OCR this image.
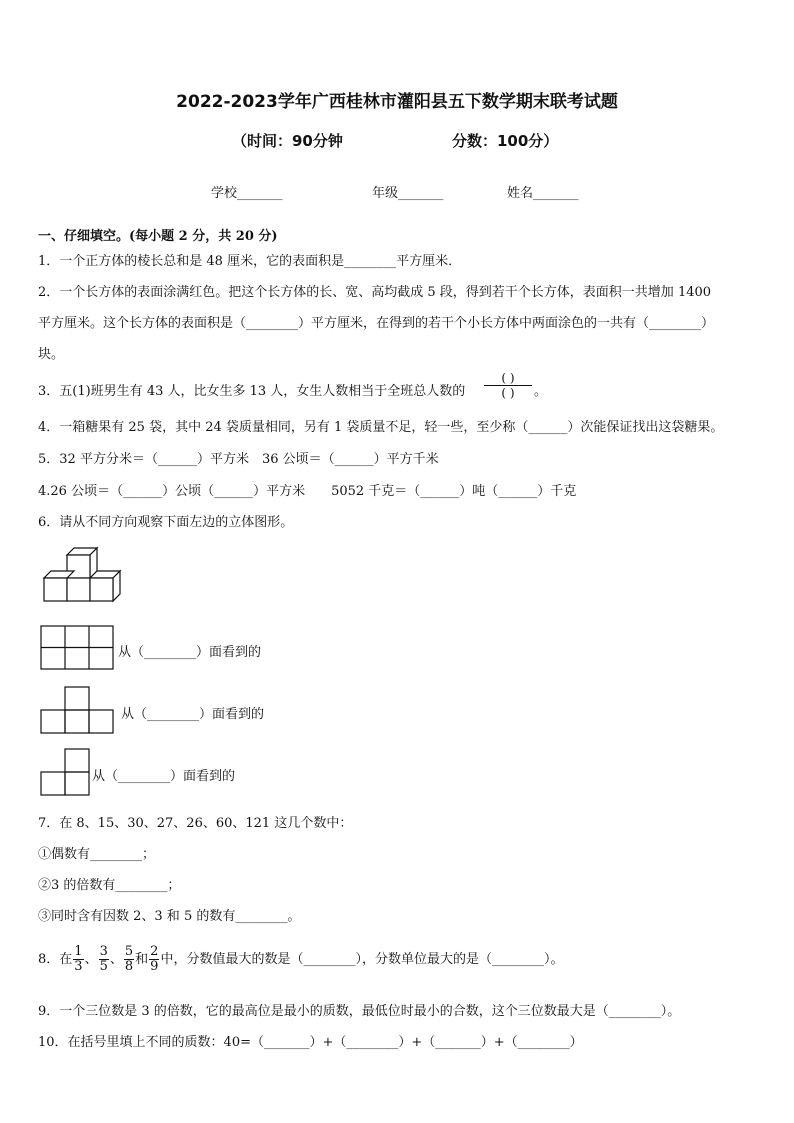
2022-2023学年广西桂林市灌阳县五下数学期末联考试题
（时间：90分钟	分数：100分）
学校_______	年级_______	姓名_______
一、仔细填空。(每小题 2 分，共 20 分)
1．一个正方体的棱长总和是 48 厘米，它的表面积是________平方厘米．
2．一个长方体的表面涂满红色。把这个长方体的长、宽、高均截成 5 段，得到若干个长方体，表面积一共增加 1400
平方厘米。这个长方体的表面积是（________）平方厘米，在得到的若干个小长方体中两面涂色的一共有（________）
块。
3．五(1)班男生有 43 人，比女生多 13 人，女生人数相当于全班总人数的
( )
( )	。
4．一箱糖果有 25 袋，其中 24 袋质量相同，另有 1 袋质量不足，轻一些，至少称（______）次能保证找出这袋糖果。
5．32 平方分米＝（______）平方米　36 公顷＝（______）平方千米
4.26 公顷＝（______）公顷（______）平方米　　5052 千克＝（______）吨（______）千克
6．请从不同方向观察下面左边的立体图形。
从（________）面看到的
从（________）面看到的
从（________）面看到的
7．在 8、15、30、27、26、60、121 这几个数中：
①偶数有________；
②3 的倍数有________；
③同时含有因数 2、3 和 5 的数有________。
8．在 $\frac{1}{3}$ 、 $\frac{3}{5}$ 、 $\frac{5}{8}$ 和 $\frac{2}{9}$ 中，分数值最大的数是（________），分数单位最大的是（________）。
9．一个三位数是 3 的倍数，它的最高位是最小的质数，最低位时最小的合数，这个三位数最大是（________）。
10．在括号里填上不同的质数：40=（_______）+（________）+（_______）+（________）
